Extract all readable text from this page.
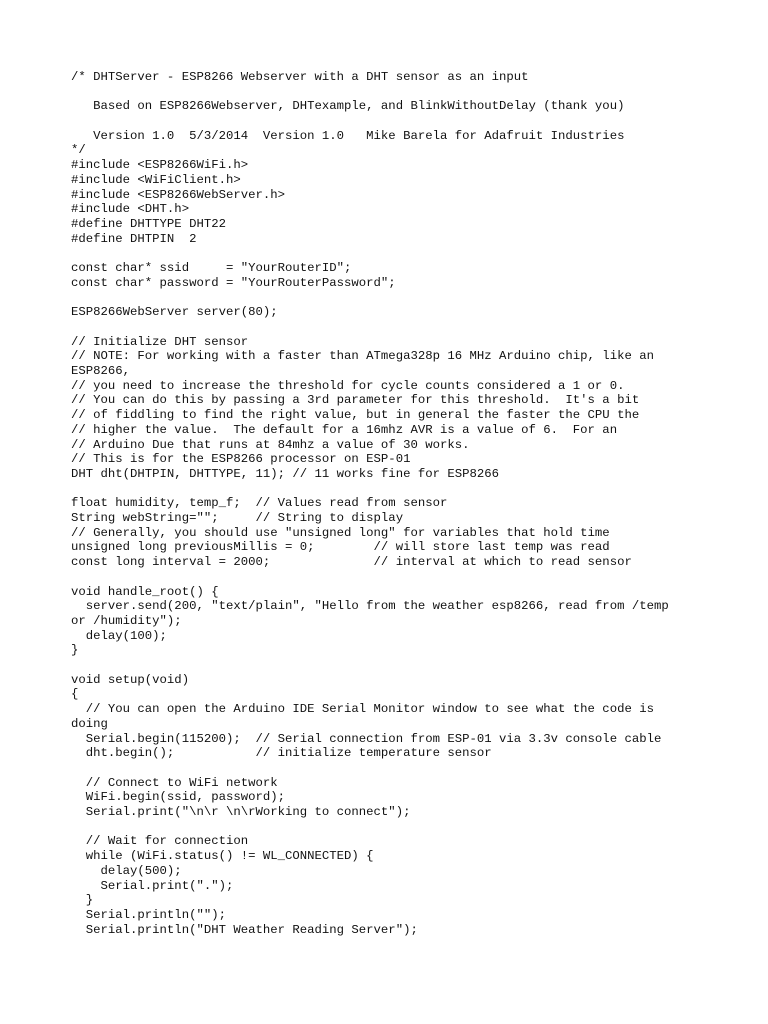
/* DHTServer - ESP8266 Webserver with a DHT sensor as an input
Based on ESP8266Webserver, DHTexample, and BlinkWithoutDelay (thank you)
Version 1.0  5/3/2014  Version 1.0   Mike Barela for Adafruit Industries
*/
#include <ESP8266WiFi.h>
#include <WiFiClient.h>
#include <ESP8266WebServer.h>
#include <DHT.h>
#define DHTTYPE DHT22
#define DHTPIN  2
const char* ssid     = "YourRouterID";
const char* password = "YourRouterPassword";
ESP8266WebServer server(80);
// Initialize DHT sensor
// NOTE: For working with a faster than ATmega328p 16 MHz Arduino chip, like an
ESP8266,
// you need to increase the threshold for cycle counts considered a 1 or 0.
// You can do this by passing a 3rd parameter for this threshold.  It's a bit
// of fiddling to find the right value, but in general the faster the CPU the
// higher the value.  The default for a 16mhz AVR is a value of 6.  For an
// Arduino Due that runs at 84mhz a value of 30 works.
// This is for the ESP8266 processor on ESP-01
DHT dht(DHTPIN, DHTTYPE, 11); // 11 works fine for ESP8266
float humidity, temp_f;  // Values read from sensor
String webString="";     // String to display
// Generally, you should use "unsigned long" for variables that hold time
unsigned long previousMillis = 0;        // will store last temp was read
const long interval = 2000;              // interval at which to read sensor
void handle_root() {
server.send(200, "text/plain", "Hello from the weather esp8266, read from /temp
or /humidity");
delay(100);
}
void setup(void)
{
// You can open the Arduino IDE Serial Monitor window to see what the code is
doing
Serial.begin(115200);  // Serial connection from ESP-01 via 3.3v console cable
dht.begin();           // initialize temperature sensor
// Connect to WiFi network
WiFi.begin(ssid, password);
Serial.print("\n\r \n\rWorking to connect");
// Wait for connection
while (WiFi.status() != WL_CONNECTED) {
delay(500);
Serial.print(".");
}
Serial.println("");
Serial.println("DHT Weather Reading Server");
